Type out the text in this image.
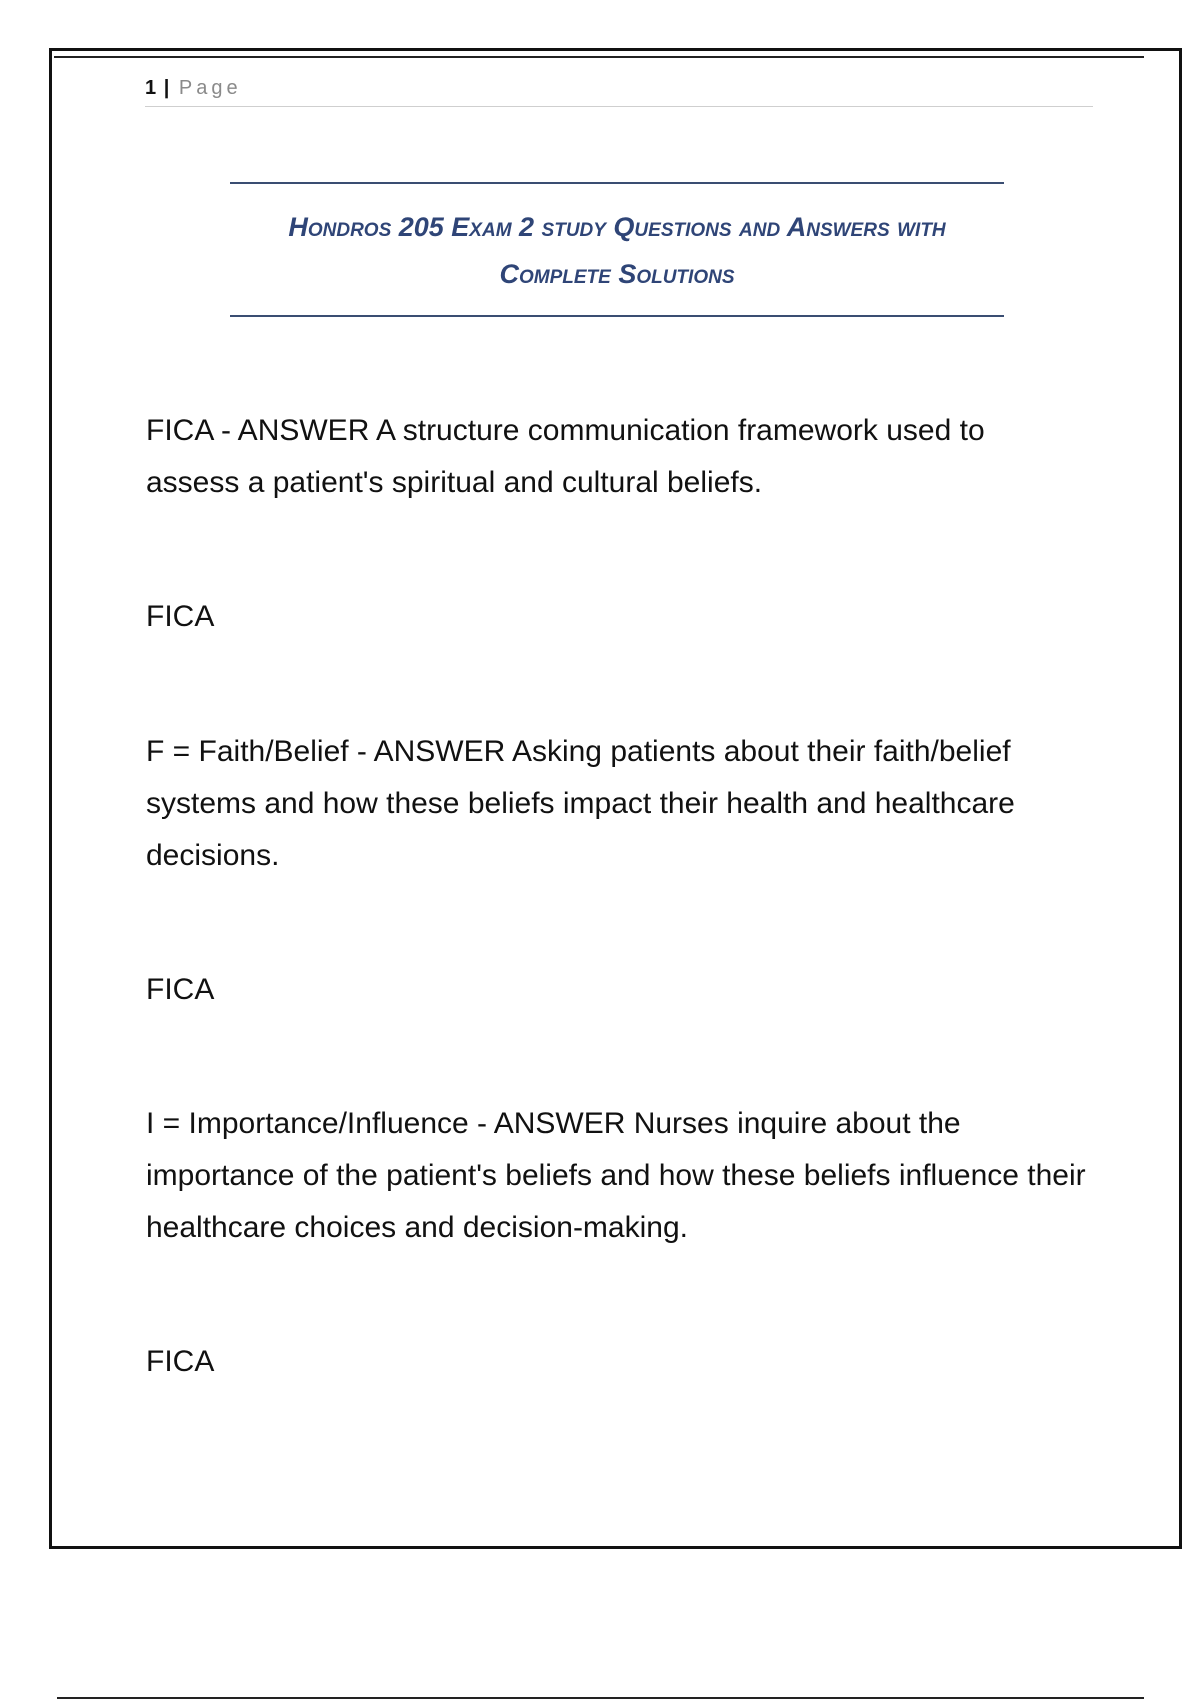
1 | Page
Hondros 205 Exam 2 study Questions and Answers with
Complete Solutions
FICA - ANSWER A structure communication framework used to assess a patient's spiritual and cultural beliefs.
FICA
F = Faith/Belief - ANSWER Asking patients about their faith/belief systems and how these beliefs impact their health and healthcare decisions.
FICA
I = Importance/Influence - ANSWER Nurses inquire about the importance of the patient's beliefs and how these beliefs influence their healthcare choices and decision-making.
FICA
